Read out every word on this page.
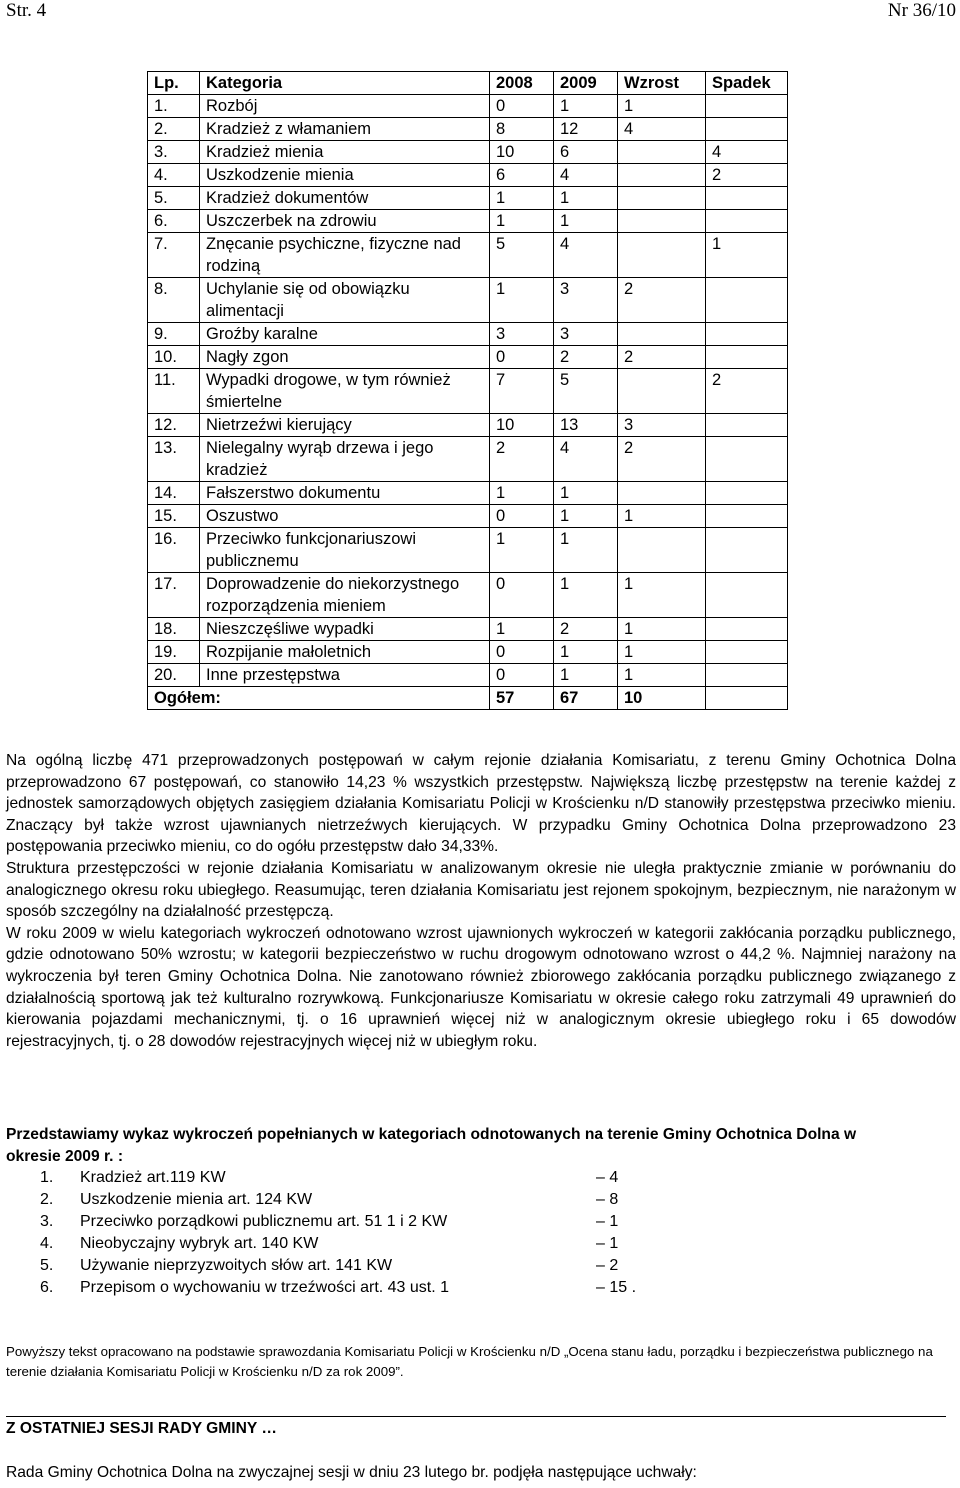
Str. 4	Nr 36/10
Lp.	Kategoria	2008	2009	Wzrost	Spadek
1.	Rozbój	0	1	1	
2.	Kradzież z włamaniem	8	12	4	
3.	Kradzież mienia	10	6		4
4.	Uszkodzenie mienia	6	4		2
5.	Kradzież dokumentów	1	1		
6.	Uszczerbek na zdrowiu	1	1		
7.	Znęcanie psychiczne, fizyczne nad rodziną	5	4		1
8.	Uchylanie się od obowiązku alimentacji	1	3	2	
9.	Groźby karalne	3	3		
10.	Nagły zgon	0	2	2	
11.	Wypadki drogowe, w tym również śmiertelne	7	5		2
12.	Nietrzeźwi kierujący	10	13	3	
13.	Nielegalny wyrąb drzewa i jego kradzież	2	4	2	
14.	Fałszerstwo dokumentu	1	1		
15.	Oszustwo	0	1	1	
16.	Przeciwko funkcjonariuszowi publicznemu	1	1		
17.	Doprowadzenie do niekorzystnego rozporządzenia mieniem	0	1	1	
18.	Nieszczęśliwe wypadki	1	2	1	
19.	Rozpijanie małoletnich	0	1	1	
20.	Inne przestępstwa	0	1	1	
Ogółem:		57	67	10	

Na ogólną liczbę 471 przeprowadzonych postępowań w całym rejonie działania Komisariatu, z terenu Gminy Ochotnica Dolna przeprowadzono 67 postępowań, co stanowiło 14,23 % wszystkich przestępstw. Największą liczbę przestępstw na terenie każdej z jednostek samorządowych objętych zasięgiem działania Komisariatu Policji w Krościenku n/D stanowiły przestępstwa przeciwko mieniu. Znaczący był także wzrost ujawnianych nietrzeźwych kierujących. W przypadku Gminy Ochotnica Dolna przeprowadzono 23 postępowania przeciwko mieniu, co do ogółu przestępstw dało 34,33%.

Struktura przestępczości w rejonie działania Komisariatu w analizowanym okresie nie uległa praktycznie zmianie w porównaniu do analogicznego okresu roku ubiegłego. Reasumując, teren działania Komisariatu jest rejonem spokojnym, bezpiecznym, nie narażonym w sposób szczególny na działalność przestępczą.

W roku 2009 w wielu kategoriach wykroczeń odnotowano wzrost ujawnionych wykroczeń w kategorii zakłócania porządku publicznego, gdzie odnotowano 50% wzrostu; w kategorii bezpieczeństwo w ruchu drogowym odnotowano wzrost o 44,2 %. Najmniej narażony na wykroczenia był teren Gminy Ochotnica Dolna. Nie zanotowano również zbiorowego zakłócania porządku publicznego związanego z działalnością sportową jak też kulturalno rozrywkową. Funkcjonariusze Komisariatu w okresie całego roku zatrzymali 49 uprawnień do kierowania pojazdami mechanicznymi, tj. o 16 uprawnień więcej niż w analogicznym okresie ubiegłego roku i 65 dowodów rejestracyjnych, tj. o 28 dowodów rejestracyjnych więcej niż w ubiegłym roku.

Przedstawiamy wykaz wykroczeń popełnianych w kategoriach odnotowanych na terenie Gminy Ochotnica Dolna w okresie 2009 r. :
1. Kradzież art.119 KW	– 4
2. Uszkodzenie mienia art. 124 KW	– 8
3. Przeciwko porządkowi publicznemu art. 51 1 i 2 KW	– 1
4. Nieobyczajny wybryk art. 140 KW	– 1
5. Używanie nieprzyzwoitych słów art. 141 KW	– 2
6. Przepisom o wychowaniu w trzeźwości art. 43 ust. 1	– 15 .
Powyższy tekst opracowano na podstawie sprawozdania Komisariatu Policji w Krościenku n/D „Ocena stanu ładu, porządku i bezpieczeństwa publicznego na terenie działania Komisariatu Policji w Krościenku n/D za rok 2009”.
Z OSTATNIEJ SESJI RADY GMINY …
Rada Gminy Ochotnica Dolna na zwyczajnej sesji w dniu 23 lutego br. podjęła następujące uchwały:
